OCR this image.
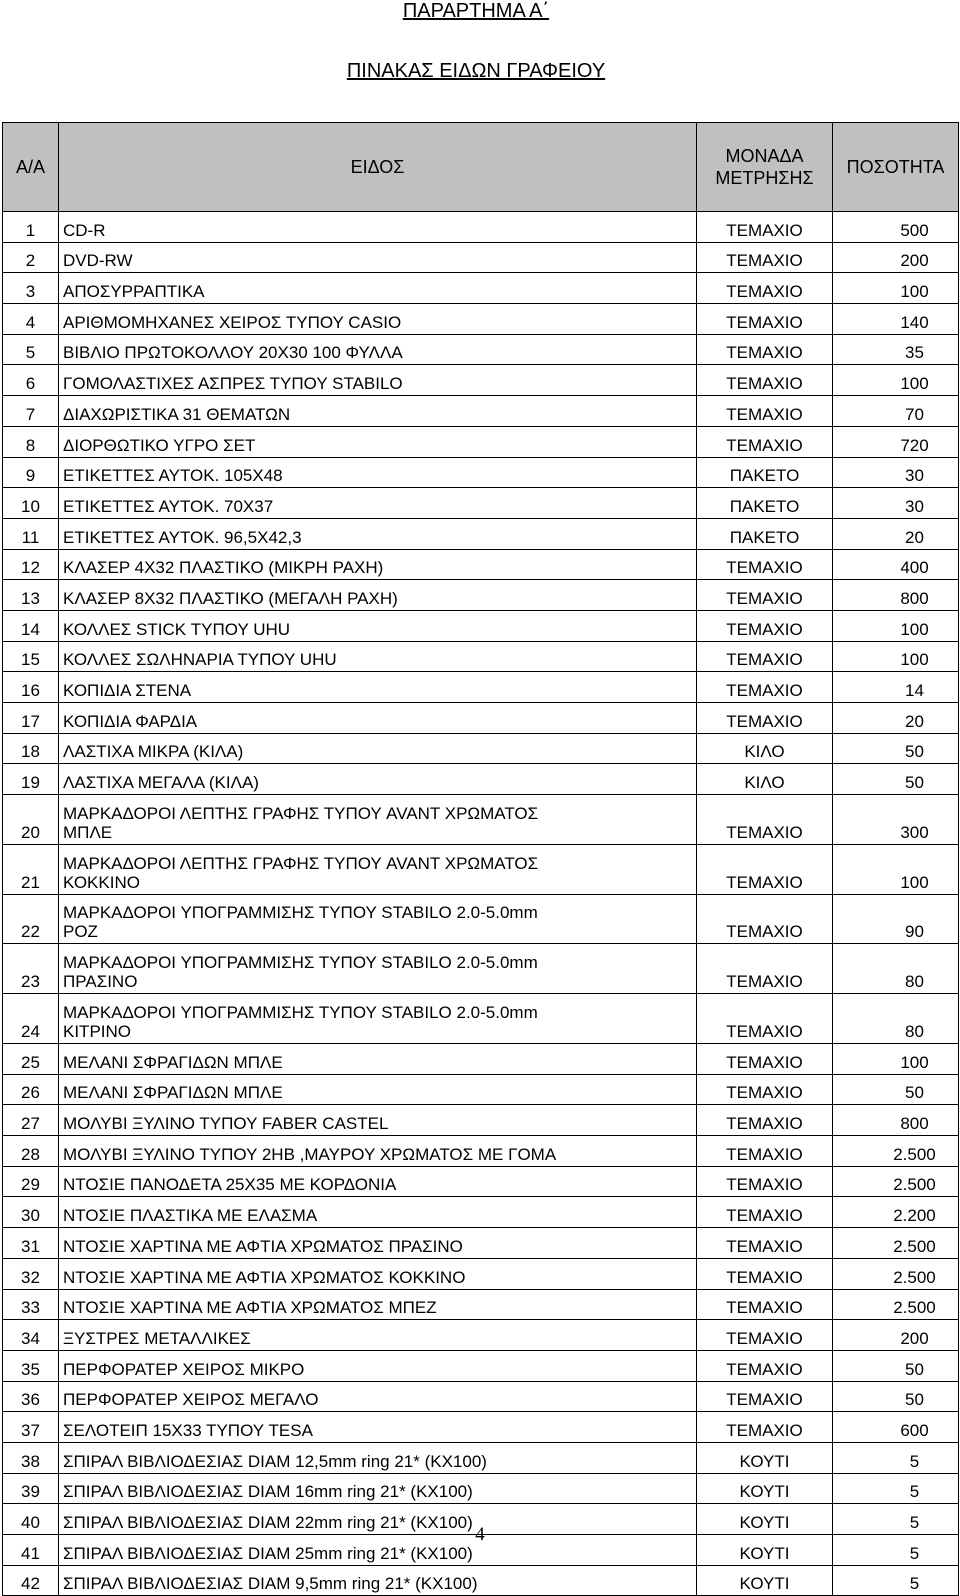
ΠΑΡΑΡΤΗΜΑ Α΄
ΠΙΝΑΚΑΣ ΕΙΔΩΝ ΓΡΑΦΕΙΟΥ
Α/Α	ΕΙΔΟΣ	ΜΟΝΑΔΑ ΜΕΤΡΗΣΗΣ	ΠΟΣΟΤΗΤΑ
1	CD-R	ΤΕΜΑΧΙΟ	500
2	DVD-RW	ΤΕΜΑΧΙΟ	200
3	ΑΠΟΣΥΡΡΑΠΤΙΚΑ	ΤΕΜΑΧΙΟ	100
4	ΑΡΙΘΜΟΜΗΧΑΝΕΣ ΧΕΙΡΟΣ ΤΥΠΟΥ CASIO	ΤΕΜΑΧΙΟ	140
5	ΒΙΒΛΙΟ ΠΡΩΤΟΚΟΛΛΟΥ 20Χ30 100 ΦΥΛΛΑ	ΤΕΜΑΧΙΟ	35
6	ΓΟΜΟΛΑΣΤΙΧΕΣ ΑΣΠΡΕΣ ΤΥΠΟΥ STABILO	ΤΕΜΑΧΙΟ	100
7	ΔΙΑΧΩΡΙΣΤΙΚΑ 31 ΘΕΜΑΤΩΝ	ΤΕΜΑΧΙΟ	70
8	ΔΙΟΡΘΩΤΙΚΟ ΥΓΡΟ ΣΕΤ	ΤΕΜΑΧΙΟ	720
9	ΕΤΙΚΕΤΤΕΣ ΑΥΤΟΚ. 105Χ48	ΠΑΚΕΤΟ	30
10	ΕΤΙΚΕΤΤΕΣ ΑΥΤΟΚ. 70Χ37	ΠΑΚΕΤΟ	30
11	ΕΤΙΚΕΤΤΕΣ ΑΥΤΟΚ. 96,5Χ42,3	ΠΑΚΕΤΟ	20
12	ΚΛΑΣΕΡ 4Χ32 ΠΛΑΣΤΙΚΟ (ΜΙΚΡΗ ΡΑΧΗ)	ΤΕΜΑΧΙΟ	400
13	ΚΛΑΣΕΡ 8Χ32 ΠΛΑΣΤΙΚΟ (ΜΕΓΑΛΗ ΡΑΧΗ)	ΤΕΜΑΧΙΟ	800
14	ΚΟΛΛΕΣ STICK ΤΥΠΟΥ UHU	ΤΕΜΑΧΙΟ	100
15	ΚΟΛΛΕΣ ΣΩΛΗΝΑΡΙΑ ΤΥΠΟΥ UHU	ΤΕΜΑΧΙΟ	100
16	ΚΟΠΙΔΙΑ ΣΤΕΝΑ	ΤΕΜΑΧΙΟ	14
17	ΚΟΠΙΔΙΑ ΦΑΡΔΙΑ	ΤΕΜΑΧΙΟ	20
18	ΛΑΣΤΙΧΑ ΜΙΚΡΑ (ΚΙΛΑ)	ΚΙΛΟ	50
19	ΛΑΣΤΙΧΑ ΜΕΓΑΛΑ (ΚΙΛΑ)	ΚΙΛΟ	50
20	ΜΑΡΚΑΔΟΡΟΙ ΛΕΠΤΗΣ ΓΡΑΦΗΣ ΤΥΠΟΥ AVANT ΧΡΩΜΑΤΟΣ
ΜΠΛΕ	ΤΕΜΑΧΙΟ	300
21	ΜΑΡΚΑΔΟΡΟΙ ΛΕΠΤΗΣ ΓΡΑΦΗΣ ΤΥΠΟΥ AVANT ΧΡΩΜΑΤΟΣ
ΚΟΚΚΙΝΟ	ΤΕΜΑΧΙΟ	100
22	ΜΑΡΚΑΔΟΡΟΙ ΥΠΟΓΡΑΜΜΙΣΗΣ ΤΥΠΟΥ STABILO 2.0-5.0mm
ΡΟΖ	ΤΕΜΑΧΙΟ	90
23	ΜΑΡΚΑΔΟΡΟΙ ΥΠΟΓΡΑΜΜΙΣΗΣ ΤΥΠΟΥ STABILO 2.0-5.0mm
ΠΡΑΣΙΝΟ	ΤΕΜΑΧΙΟ	80
24	ΜΑΡΚΑΔΟΡΟΙ ΥΠΟΓΡΑΜΜΙΣΗΣ ΤΥΠΟΥ STABILO 2.0-5.0mm
ΚΙΤΡΙΝΟ	ΤΕΜΑΧΙΟ	80
25	ΜΕΛΑΝΙ ΣΦΡΑΓΙΔΩΝ ΜΠΛΕ	ΤΕΜΑΧΙΟ	100
26	ΜΕΛΑΝΙ ΣΦΡΑΓΙΔΩΝ ΜΠΛΕ	ΤΕΜΑΧΙΟ	50
27	ΜΟΛΥΒΙ ΞΥΛΙΝΟ ΤΥΠΟΥ FABER CASTEL	ΤΕΜΑΧΙΟ	800
28	ΜΟΛΥΒΙ ΞΥΛΙΝΟ ΤΥΠΟΥ 2ΗΒ ,ΜΑΥΡΟΥ ΧΡΩΜΑΤΟΣ ΜΕ ΓΟΜΑ	ΤΕΜΑΧΙΟ	2.500
29	ΝΤΟΣΙΕ ΠΑΝΟΔΕΤΑ 25Χ35 ΜΕ ΚΟΡΔΟΝΙΑ	ΤΕΜΑΧΙΟ	2.500
30	ΝΤΟΣΙΕ ΠΛΑΣΤΙΚΑ ΜΕ ΕΛΑΣΜΑ	ΤΕΜΑΧΙΟ	2.200
31	ΝΤΟΣΙΕ ΧΑΡΤΙΝΑ ΜΕ ΑΦΤΙΑ ΧΡΩΜΑΤΟΣ ΠΡΑΣΙΝΟ	ΤΕΜΑΧΙΟ	2.500
32	ΝΤΟΣΙΕ ΧΑΡΤΙΝΑ ΜΕ ΑΦΤΙΑ ΧΡΩΜΑΤΟΣ ΚΟΚΚΙΝΟ	ΤΕΜΑΧΙΟ	2.500
33	ΝΤΟΣΙΕ ΧΑΡΤΙΝΑ ΜΕ ΑΦΤΙΑ ΧΡΩΜΑΤΟΣ ΜΠΕΖ	ΤΕΜΑΧΙΟ	2.500
34	ΞΥΣΤΡΕΣ ΜΕΤΑΛΛΙΚΕΣ	ΤΕΜΑΧΙΟ	200
35	ΠΕΡΦΟΡΑΤΕΡ ΧΕΙΡΟΣ ΜΙΚΡΟ	ΤΕΜΑΧΙΟ	50
36	ΠΕΡΦΟΡΑΤΕΡ ΧΕΙΡΟΣ ΜΕΓΑΛΟ	ΤΕΜΑΧΙΟ	50
37	ΣΕΛΟΤΕΙΠ 15Χ33 ΤΥΠΟΥ TESA	ΤΕΜΑΧΙΟ	600
38	ΣΠΙΡΑΛ ΒΙΒΛΙΟΔΕΣΙΑΣ DIAM 12,5mm ring 21* (KX100)	ΚΟΥΤΙ	5
39	ΣΠΙΡΑΛ ΒΙΒΛΙΟΔΕΣΙΑΣ DIAM 16mm ring 21* (KX100)	ΚΟΥΤΙ	5
40	ΣΠΙΡΑΛ ΒΙΒΛΙΟΔΕΣΙΑΣ DIAM 22mm ring 21* (KX100)	ΚΟΥΤΙ	5
41	ΣΠΙΡΑΛ ΒΙΒΛΙΟΔΕΣΙΑΣ DIAM 25mm ring 21* (KX100)	ΚΟΥΤΙ	5
42	ΣΠΙΡΑΛ ΒΙΒΛΙΟΔΕΣΙΑΣ DIAM 9,5mm ring 21* (KX100)	ΚΟΥΤΙ	5
4
